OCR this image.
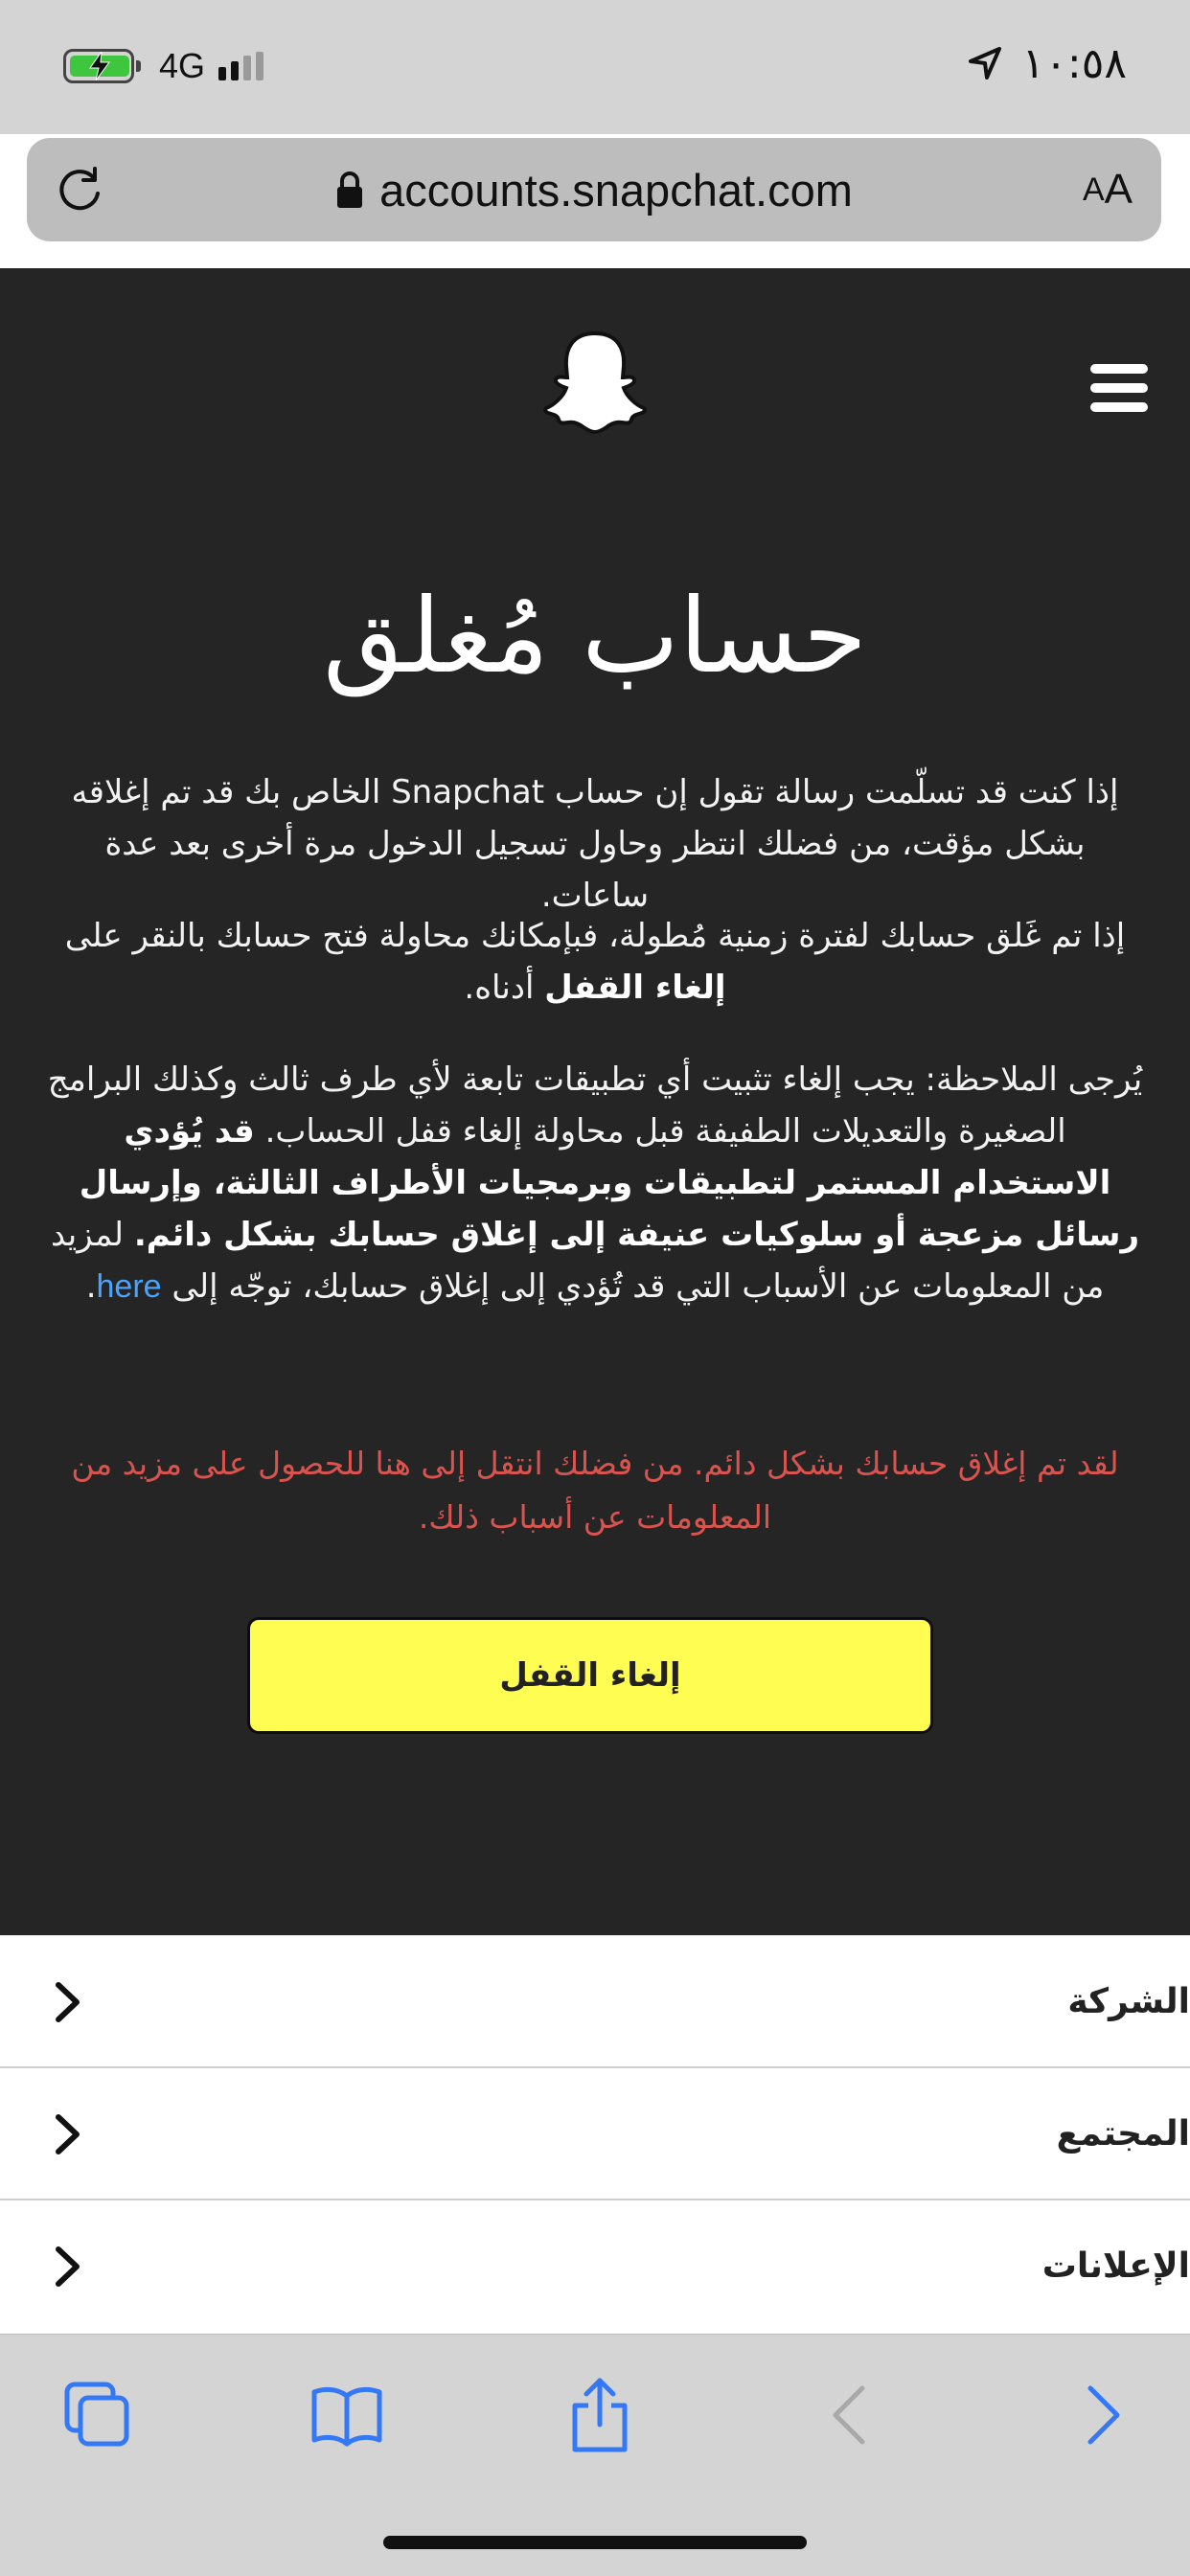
4G	١٠:٥٨
accounts.snapchat.com	A A
حساب مُغلق
إذا كنت قد تسلّمت رسالة تقول إن حساب Snapchat الخاص بك قد تم إغلاقه بشكل مؤقت، من فضلك انتظر وحاول تسجيل الدخول مرة أخرى بعد عدة ساعات.
إذا تم غَلق حسابك لفترة زمنية مُطولة، فبإمكانك محاولة فتح حسابك بالنقر على إلغاء القفل أدناه.
يُرجى الملاحظة: يجب إلغاء تثبيت أي تطبيقات تابعة لأي طرف ثالث وكذلك البرامج الصغيرة والتعديلات الطفيفة قبل محاولة إلغاء قفل الحساب. قد يُؤدي الاستخدام المستمر لتطبيقات وبرمجيات الأطراف الثالثة، وإرسال رسائل مزعجة أو سلوكيات عنيفة إلى إغلاق حسابك بشكل دائم. لمزيد من المعلومات عن الأسباب التي قد تُؤدي إلى إغلاق حسابك، توجّه إلى here.
لقد تم إغلاق حسابك بشكل دائم. من فضلك انتقل إلى هنا للحصول على مزيد من المعلومات عن أسباب ذلك.
إلغاء القفل
الشركة
المجتمع
الإعلانات
